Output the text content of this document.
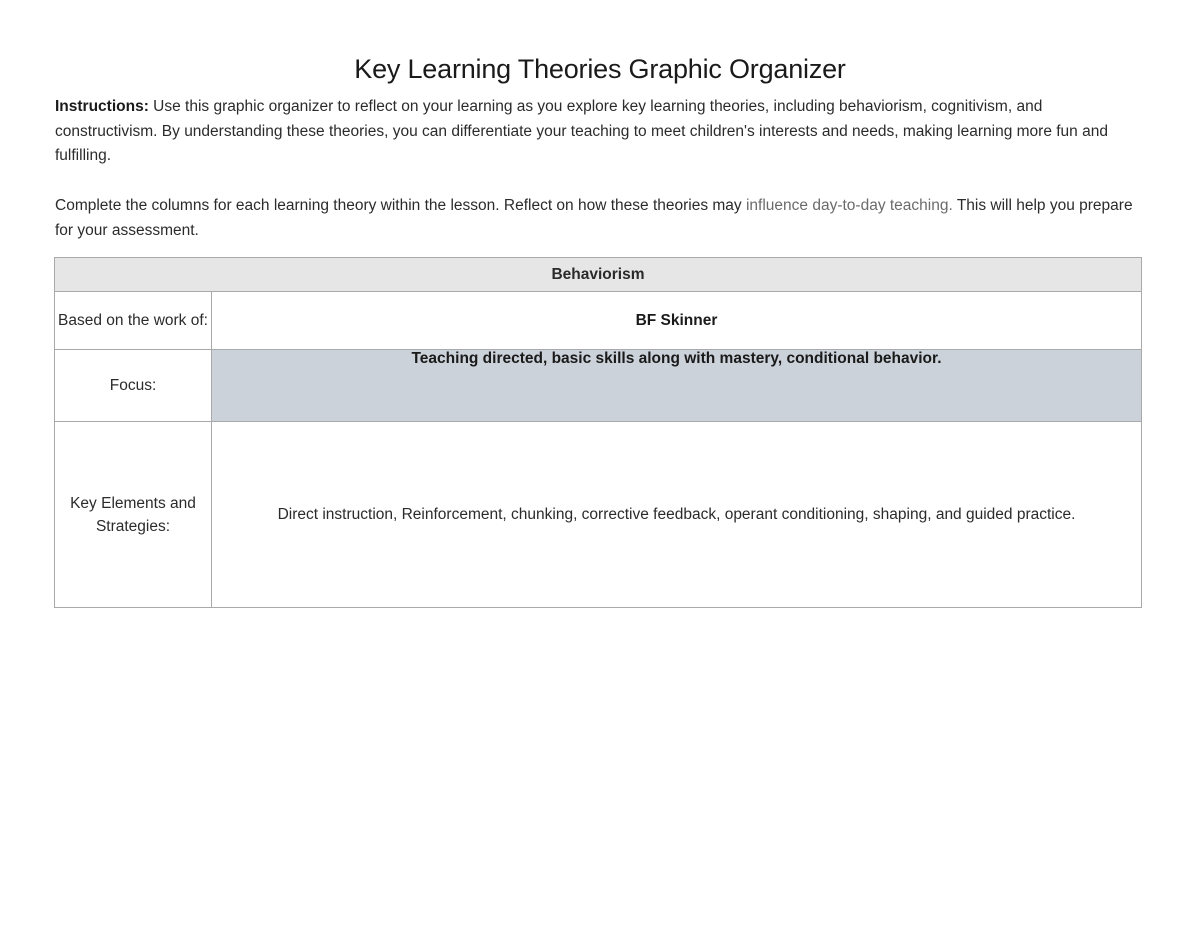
Key Learning Theories Graphic Organizer
Instructions: Use this graphic organizer to reflect on your learning as you explore key learning theories, including behaviorism, cognitivism, and constructivism. By understanding these theories, you can differentiate your teaching to meet children's interests and needs, making learning more fun and fulfilling.
Complete the columns for each learning theory within the lesson. Reflect on how these theories may influence day-to-day teaching. This will help you prepare for your assessment.
Behaviorism	
Based on the work of:	BF Skinner
Focus:	Teaching directed, basic skills along with mastery, conditional behavior.
Key Elements and Strategies:	Direct instruction, Reinforcement, chunking, corrective feedback, operant conditioning, shaping, and guided practice.
